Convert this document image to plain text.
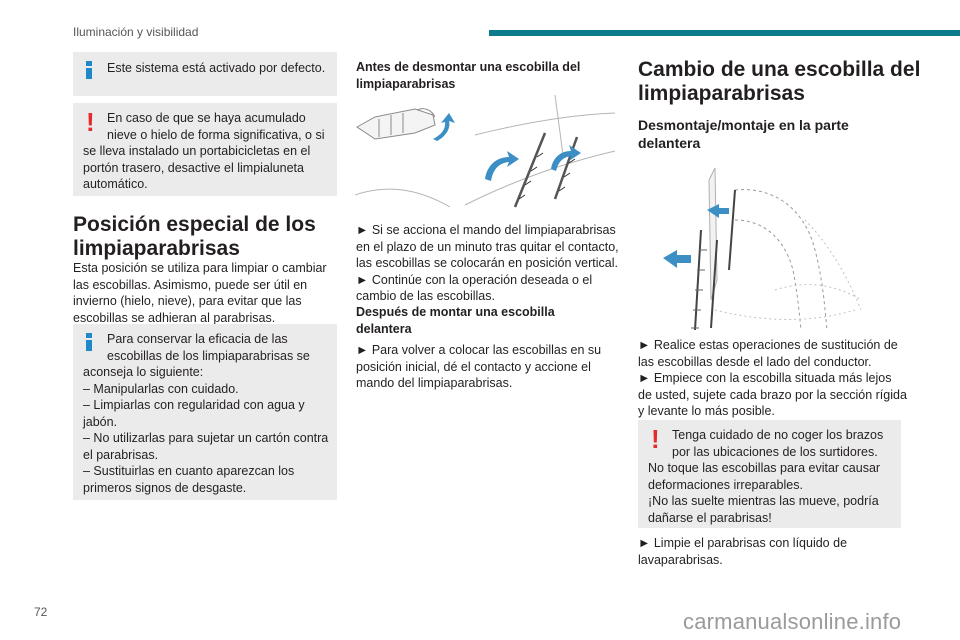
Iluminación y visibilidad
Este sistema está activado por defecto.
! En caso de que se haya acumulado
nieve o hielo de forma significativa, o si
se lleva instalado un portabicicletas en el
portón trasero, desactive el limpialuneta
automático.
Posición especial de los
limpiaparabrisas
Esta posición se utiliza para limpiar o cambiar
las escobillas. Asimismo, puede ser útil en
invierno (hielo, nieve), para evitar que las
escobillas se adhieran al parabrisas.
Para conservar la eficacia de las
escobillas de los limpiaparabrisas se
aconseja lo siguiente:
– Manipularlas con cuidado.
– Limpiarlas con regularidad con agua y
jabón.
– No utilizarlas para sujetar un cartón contra
el parabrisas.
– Sustituirlas en cuanto aparezcan los
primeros signos de desgaste.
Antes de desmontar una escobilla del
limpiaparabrisas
► Si se acciona el mando del limpiaparabrisas
en el plazo de un minuto tras quitar el contacto,
las escobillas se colocarán en posición vertical.
► Continúe con la operación deseada o el
cambio de las escobillas.
Después de montar una escobilla
delantera
► Para volver a colocar las escobillas en su
posición inicial, dé el contacto y accione el
mando del limpiaparabrisas.
Cambio de una escobilla del
limpiaparabrisas
Desmontaje/montaje en la parte
delantera
► Realice estas operaciones de sustitución de
las escobillas desde el lado del conductor.
► Empiece con la escobilla situada más lejos
de usted, sujete cada brazo por la sección rígida
y levante lo más posible.
! Tenga cuidado de no coger los brazos
por las ubicaciones de los surtidores.
No toque las escobillas para evitar causar
deformaciones irreparables.
¡No las suelte mientras las mueve, podría
dañarse el parabrisas!
► Limpie el parabrisas con líquido de
lavaparabrisas.
72	carmanualsonline.info
